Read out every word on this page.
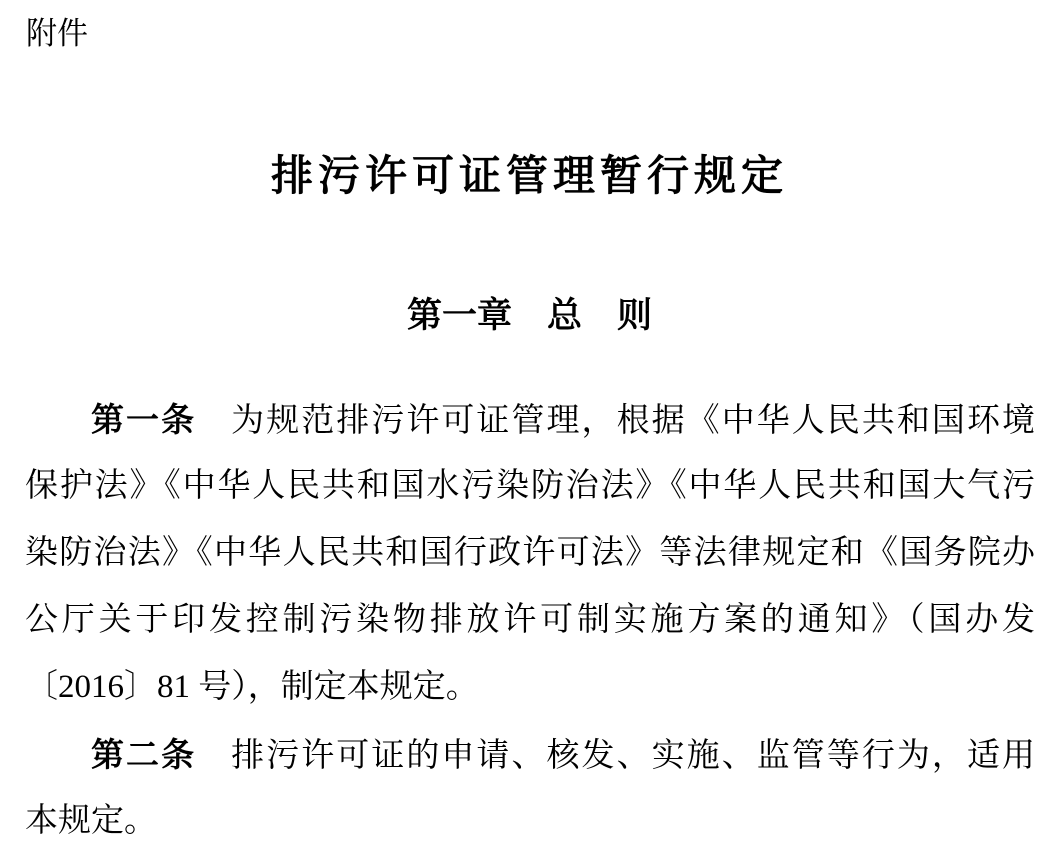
附件
排污许可证管理暂行规定
第一章　总　则
第一条　为规范排污许可证管理，根据《中华人民共和国环境
保护法》《中华人民共和国水污染防治法》《中华人民共和国大气污
染防治法》《中华人民共和国行政许可法》等法律规定和《国务院办
公厅关于印发控制污染物排放许可制实施方案的通知》（国办发
〔2016〕81 号），制定本规定。
第二条　排污许可证的申请、核发、实施、监管等行为，适用
本规定。
